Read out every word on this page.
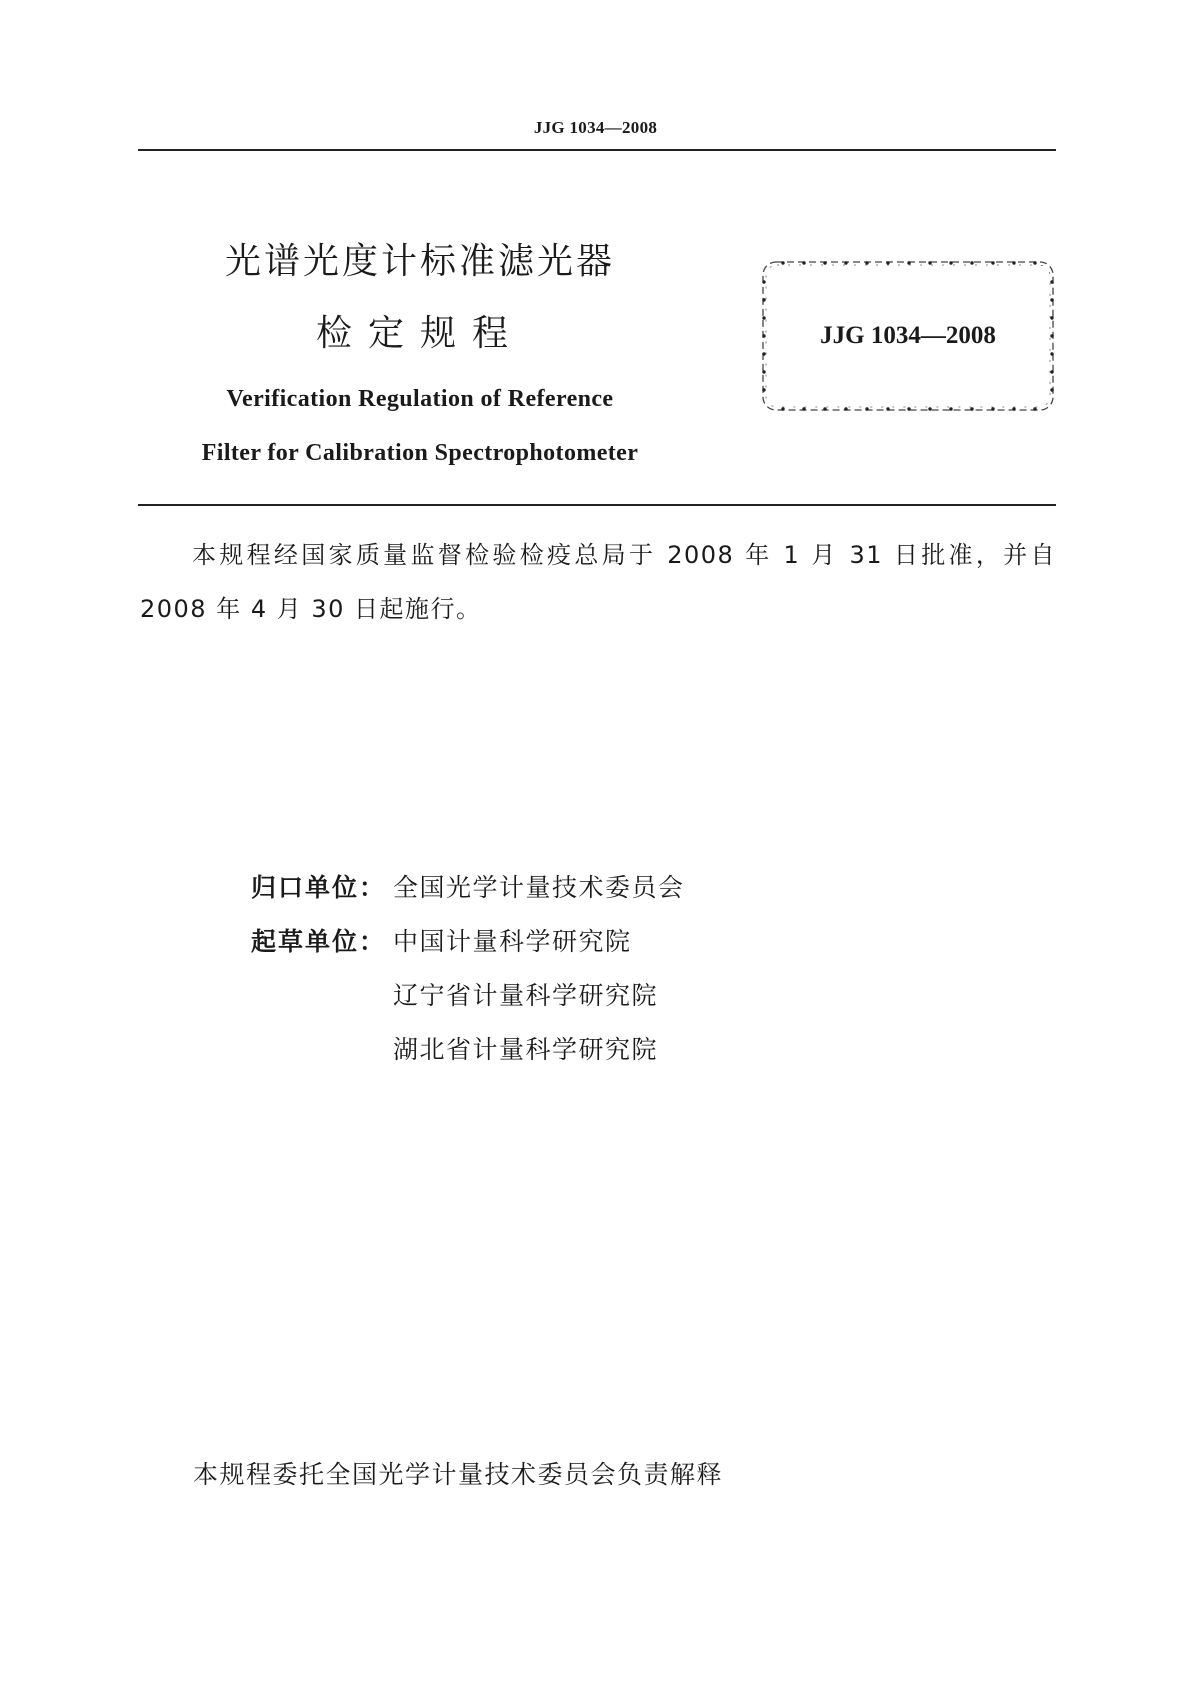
JJG 1034—2008
光谱光度计标准滤光器
检定规程	JJG 1034—2008
Verification Regulation of Reference
Filter for Calibration Spectrophotometer
本规程经国家质量监督检验检疫总局于 2008 年 1 月 31 日批准，并自 2008 年 4 月 30 日起施行。
归口单位： 全国光学计量技术委员会
起草单位： 中国计量科学研究院
辽宁省计量科学研究院
湖北省计量科学研究院
本规程委托全国光学计量技术委员会负责解释
